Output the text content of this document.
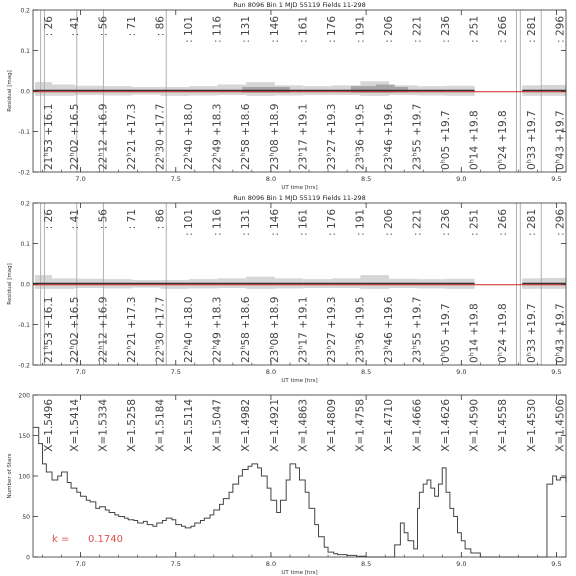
7.0	7.5	8.0	8.5	9.0	9.5
-0.2
-0.1
0.0
0.1
0.2
Run 8096 Bin 1 MJD 55119 Fields 11-298
UT time [hrs]
Residual [mag]
: 26 : 41 : 56 : 71 : 86 : 101 : 116 : 131 : 146 : 161 : 176 : 191 : 206 : 221 : 236 : 251 : 266 : 281 : 296
$21^h53 +16.1$
$22^h02 +16.5$
$22^h12 +16.9$
$22^h21 +17.3$
$22^h30 +17.7$
$22^h40 +18.0$
$22^h49 +18.3$
$22^h58 +18.6$
$23^h08 +18.9$
$23^h17 +19.1$
$23^h27 +19.3$
$23^h36 +19.5$
$23^h46 +19.6$
$23^h55 +19.7$
$0^h05 +19.7$
$0^h14 +19.8$
$0^h24 +19.8$
$0^h33 +19.7$
$0^h43 +19.7$
7.0	7.5	8.0	8.5	9.0	9.5
-0.2
-0.1
0.0
0.1
0.2
Run 8096 Bin 1 MJD 55119 Fields 11-298
UT time [hrs]
Residual [mag]
: 26 : 41 : 56 : 71 : 86 : 101 : 116 : 131 : 146 : 161 : 176 : 191 : 206 : 221 : 236 : 251 : 266 : 281 : 296
$21^h53 +16.1$
$22^h02 +16.5$
$22^h12 +16.9$
$22^h21 +17.3$
$22^h30 +17.7$
$22^h40 +18.0$
$22^h49 +18.3$
$22^h58 +18.6$
$23^h08 +18.9$
$23^h17 +19.1$
$23^h27 +19.3$
$23^h36 +19.5$
$23^h46 +19.6$
$23^h55 +19.7$
$0^h05 +19.7$
$0^h14 +19.8$
$0^h24 +19.8$
$0^h33 +19.7$
$0^h43 +19.7$
7.0	7.5	8.0	8.5	9.0	9.5
0
50
100
150
200
UT time [hrs]
Number of Stars
X=1.5496 X=1.5414 X=1.5334 X=1.5258 X=1.5184 X=1.5114 X=1.5047 X=1.4982 X=1.4921 X=1.4863 X=1.4809 X=1.4758 X=1.4710 X=1.4666 X=1.4626 X=1.4590 X=1.4558 X=1.4530 X=1.4506
k = 0.1740
